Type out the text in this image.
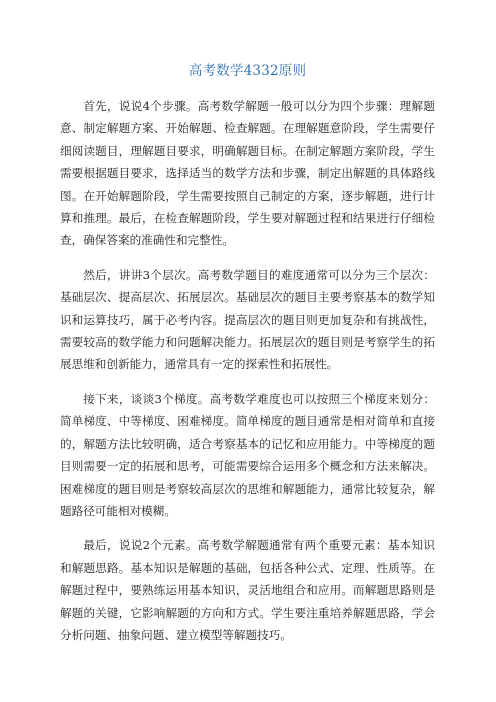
高考数学4332原则

首先，说说4个步骤。高考数学解题一般可以分为四个步骤：理解题意、制定解题方案、开始解题、检查解题。在理解题意阶段，学生需要仔细阅读题目，理解题目要求，明确解题目标。在制定解题方案阶段，学生需要根据题目要求，选择适当的数学方法和步骤，制定出解题的具体路线图。在开始解题阶段，学生需要按照自己制定的方案，逐步解题，进行计算和推理。最后，在检查解题阶段，学生要对解题过程和结果进行仔细检查，确保答案的准确性和完整性。

然后，讲讲3个层次。高考数学题目的难度通常可以分为三个层次：基础层次、提高层次、拓展层次。基础层次的题目主要考察基本的数学知识和运算技巧，属于必考内容。提高层次的题目则更加复杂和有挑战性，需要较高的数学能力和问题解决能力。拓展层次的题目则是考察学生的拓展思维和创新能力，通常具有一定的探索性和拓展性。

接下来，谈谈3个梯度。高考数学难度也可以按照三个梯度来划分：简单梯度、中等梯度、困难梯度。简单梯度的题目通常是相对简单和直接的，解题方法比较明确，适合考察基本的记忆和应用能力。中等梯度的题目则需要一定的拓展和思考，可能需要综合运用多个概念和方法来解决。困难梯度的题目则是考察较高层次的思维和解题能力，通常比较复杂，解题路径可能相对模糊。

最后，说说2个元素。高考数学解题通常有两个重要元素：基本知识和解题思路。基本知识是解题的基础，包括各种公式、定理、性质等。在解题过程中，要熟练运用基本知识，灵活地组合和应用。而解题思路则是解题的关键，它影响解题的方向和方式。学生要注重培养解题思路，学会分析问题、抽象问题、建立模型等解题技巧。
